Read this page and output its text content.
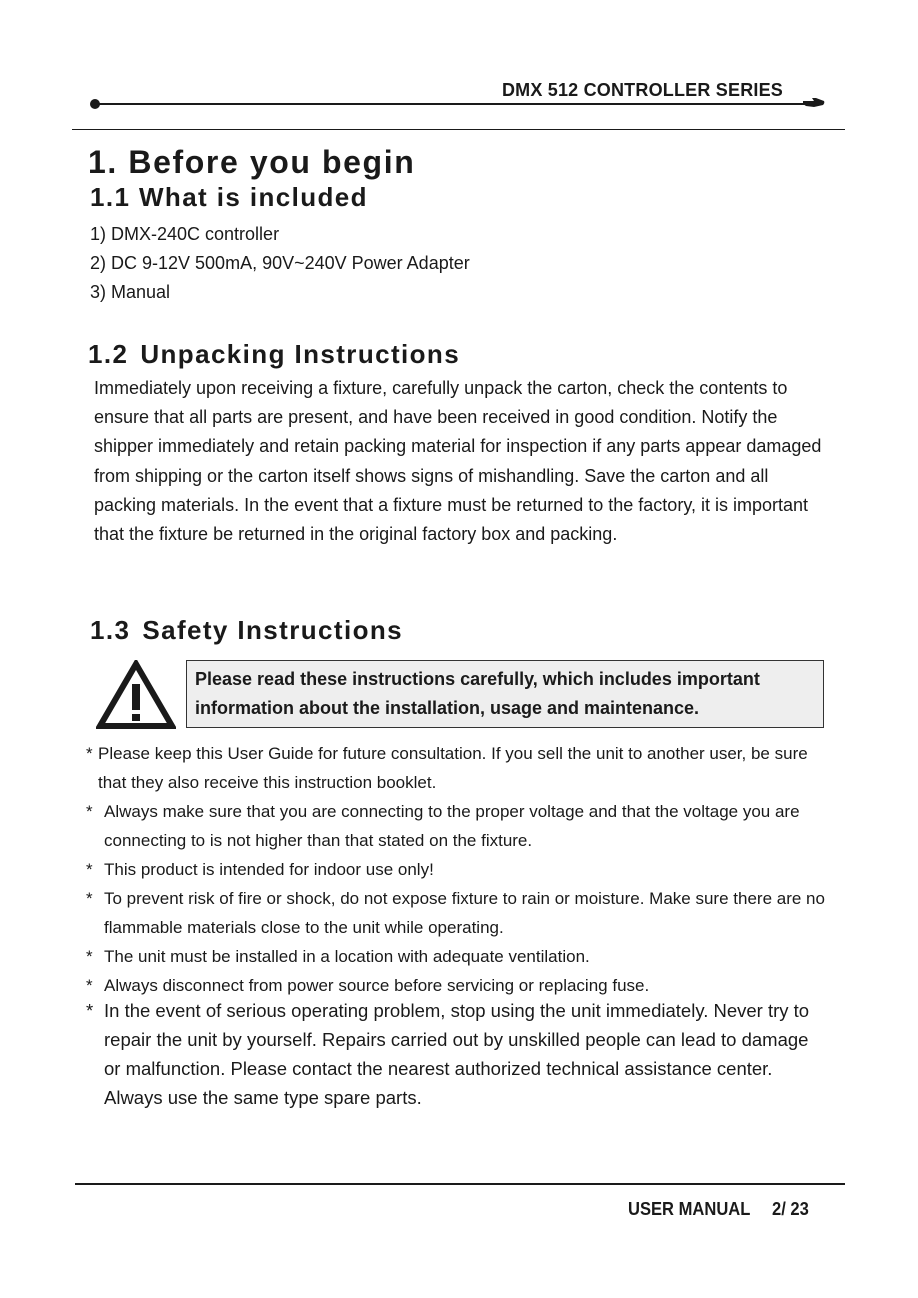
DMX 512 CONTROLLER SERIES
1. Before you begin
1.1 What is included
1) DMX-240C controller
2) DC 9-12V 500mA, 90V~240V Power Adapter
3) Manual
1.2 Unpacking Instructions

Immediately upon receiving a fixture, carefully unpack the carton, check the contents to ensure that all parts are present, and have been received in good condition. Notify the shipper immediately and retain packing material for inspection if any parts appear damaged from shipping or the carton itself shows signs of mishandling. Save the carton and all packing materials. In the event that a fixture must be returned to the factory, it is important that the fixture be returned in the original factory box and packing.

1.3 Safety Instructions
Please read these instructions carefully, which includes important information about the installation, usage and maintenance.
* Please keep this User Guide for future consultation. If you sell the unit to another user, be sure that they also receive this instruction booklet.
* Always make sure that you are connecting to the proper voltage and that the voltage you are connecting to is not higher than that stated on the fixture.
* This product is intended for indoor use only!
* To prevent risk of fire or shock, do not expose fixture to rain or moisture. Make sure there are no flammable materials close to the unit while operating.
* The unit must be installed in a location with adequate ventilation.
* Always disconnect from power source before servicing or replacing fuse.
* In the event of serious operating problem, stop using the unit immediately. Never try to repair the unit by yourself. Repairs carried out by unskilled people can lead to damage or malfunction. Please contact the nearest authorized technical assistance center. Always use the same type spare parts.
USER MANUAL 2/ 23
